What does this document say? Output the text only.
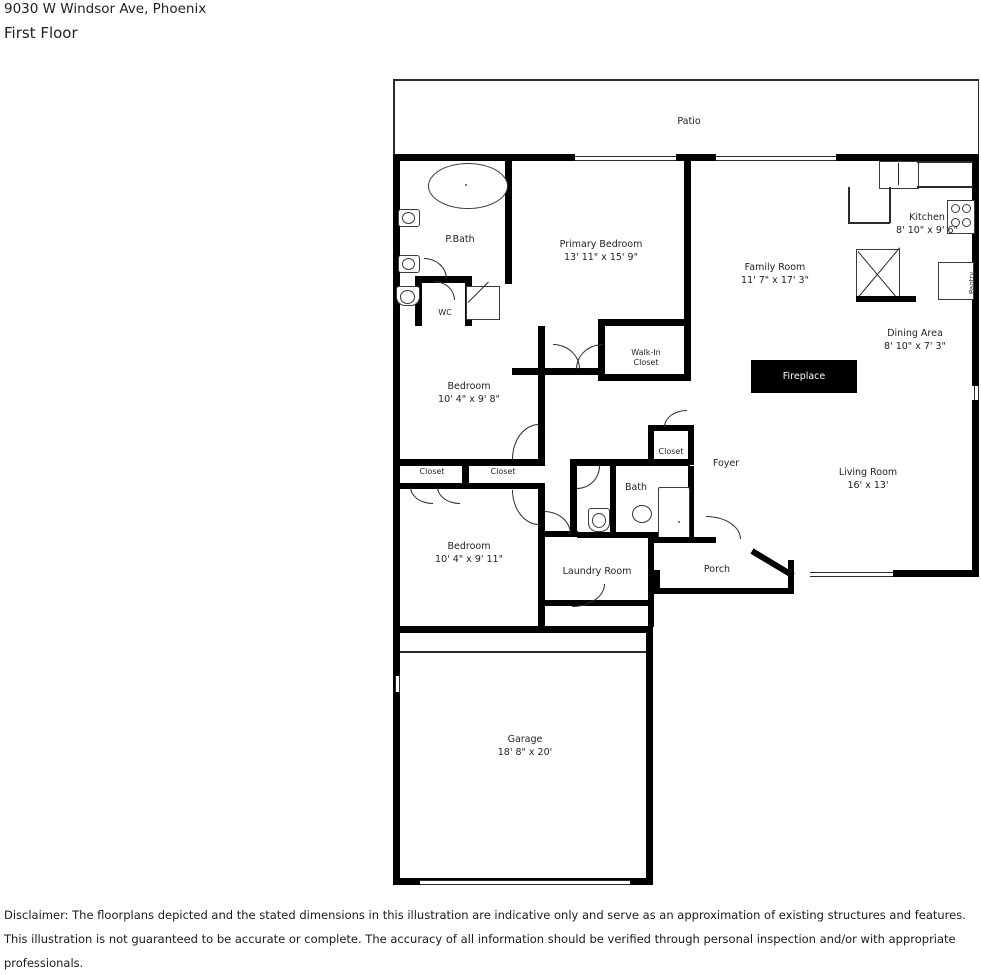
9030 W Windsor Ave, Phoenix
First Floor
Patio
P.Bath
WC
Primary Bedroom
13' 11" x 15' 9"
Walk-In
Closet
Pantry
Kitchen
8' 10" x 9' 6"
Family Room
11' 7" x 17' 3"
Dining Area
8' 10" x 7' 3"
Fireplace
Living Room
16' x 13'
Bedroom
10' 4" x 9' 8"
Closet	Closet
Bedroom
10' 4" x 9' 11"
Closet
Bath
Laundry Room
Foyer
Porch
Garage
18' 8" x 20'
Disclaimer: The floorplans depicted and the stated dimensions in this illustration are indicative only and serve as an approximation of existing structures and features.
This illustration is not guaranteed to be accurate or complete. The accuracy of all information should be verified through personal inspection and/or with appropriate professionals.
